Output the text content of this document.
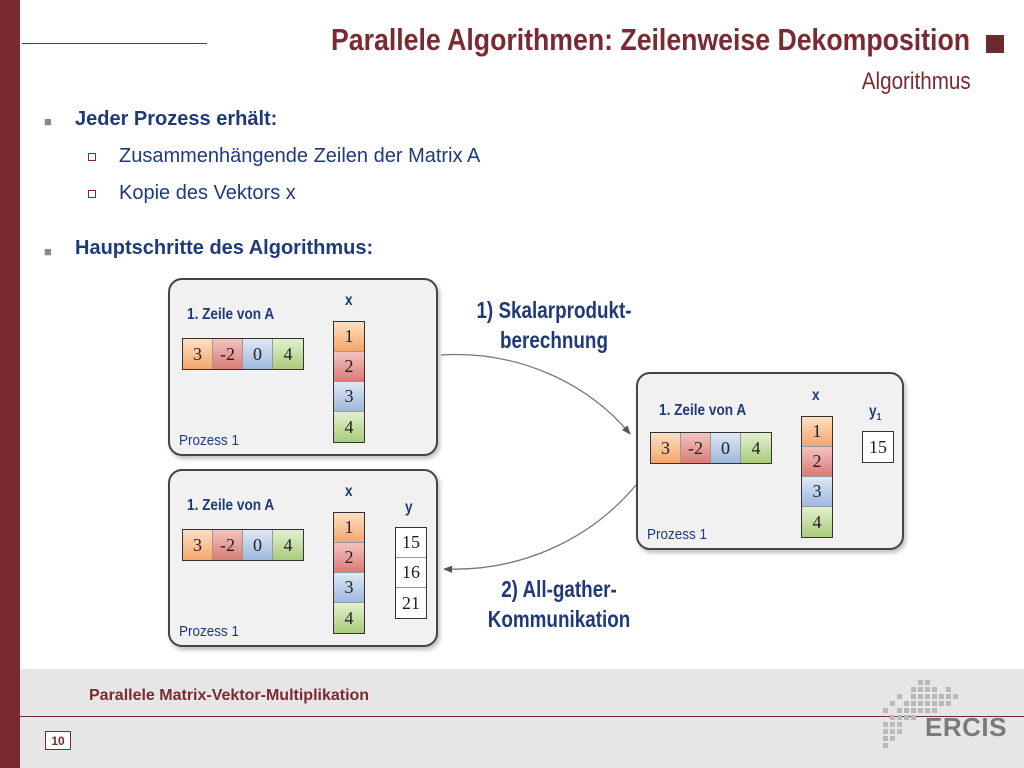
Parallele Algorithmen: Zeilenweise Dekomposition
Algorithmus
■ Jeder Prozess erhält:
Zusammenhängende Zeilen der Matrix A
Kopie des Vektors x
■ Hauptschritte des Algorithmus:
1. Zeile von A
x
3	-2	0	4
1
2
3
4
Prozess 1
1. Zeile von A
x
y
3	-2	0	4
1
2
3
4
15
16
21
Prozess 1
1. Zeile von A
x
$y_1$
3	-2	0	4
1
2
3
4
15
Prozess 1
1) Skalarprodukt-
berechnung
2) All-gather-
Kommunikation
Parallele Matrix-Vektor-Multiplikation
10	ERCIS
